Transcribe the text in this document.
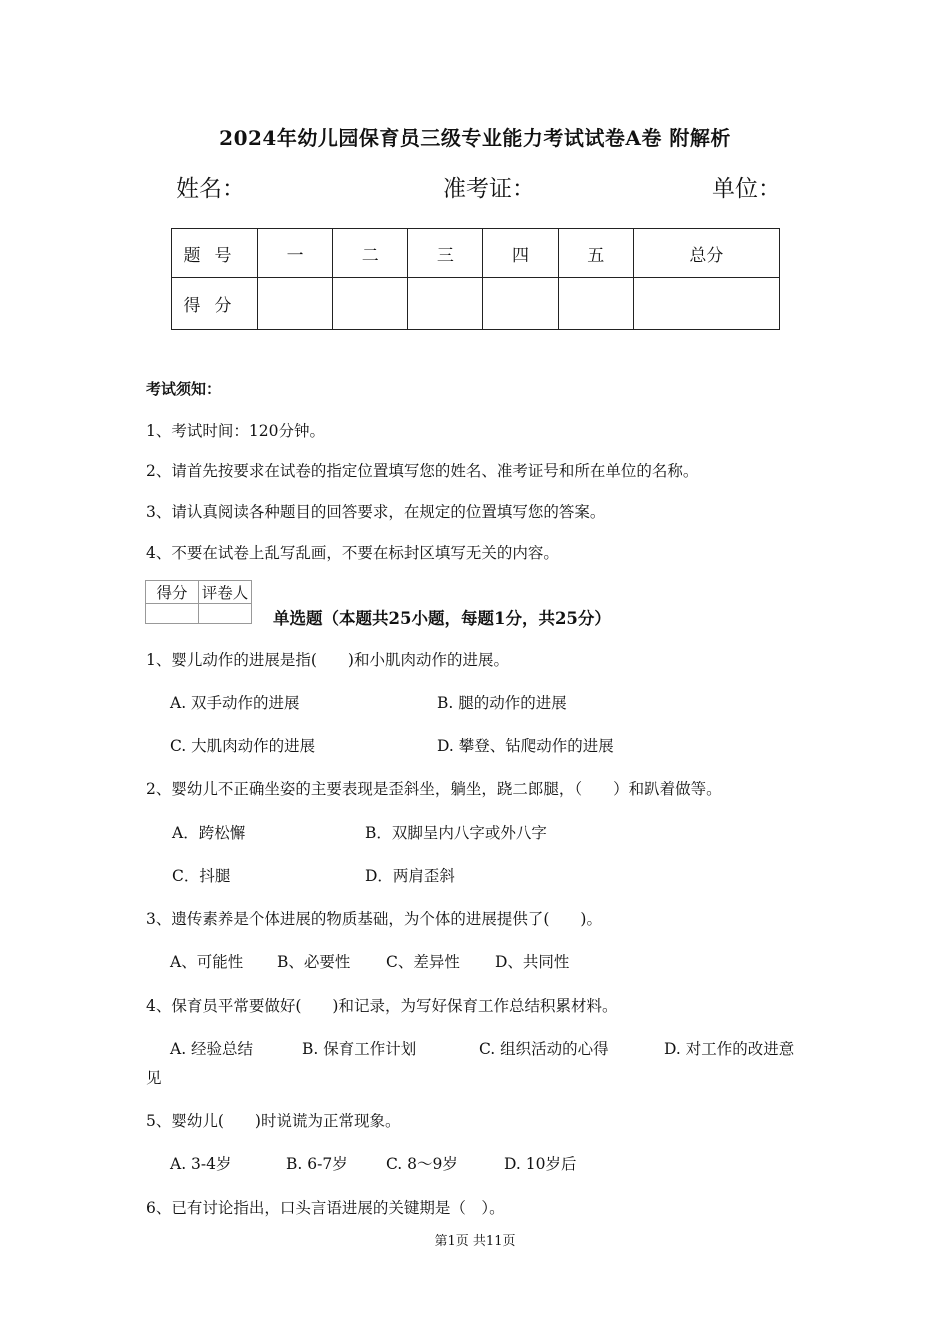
2024年幼儿园保育员三级专业能力考试试卷A卷 附解析
姓名：	准考证：	单位：
题号	一	二	三	四	五	总分
得分						
考试须知：
1、考试时间：120分钟。
2、请首先按要求在试卷的指定位置填写您的姓名、准考证号和所在单位的名称。
3、请认真阅读各种题目的回答要求，在规定的位置填写您的答案。
4、不要在试卷上乱写乱画，不要在标封区填写无关的内容。
得分	评卷人

单选题（本题共25小题，每题1分，共25分）
1、婴儿动作的进展是指(　　)和小肌肉动作的进展。
A. 双手动作的进展	B. 腿的动作的进展
C. 大肌肉动作的进展	D. 攀登、钻爬动作的进展
2、婴幼儿不正确坐姿的主要表现是歪斜坐，躺坐，跷二郎腿，（　　）和趴着做等。
A．跨松懈	B．双脚呈内八字或外八字
C．抖腿	D．两肩歪斜
3、遗传素养是个体进展的物质基础，为个体的进展提供了(　　)。
A、可能性 B、必要性 C、差异性 D、共同性
4、保育员平常要做好(　　)和记录，为写好保育工作总结积累材料。
A. 经验总结	B. 保育工作计划	C. 组织活动的心得	D. 对工作的改进意
见
5、婴幼儿(　　)时说谎为正常现象。
A. 3-4岁	B. 6-7岁 C. 8～9岁	D. 10岁后
6、已有讨论指出，口头言语进展的关键期是（　）。
第1页 共11页
